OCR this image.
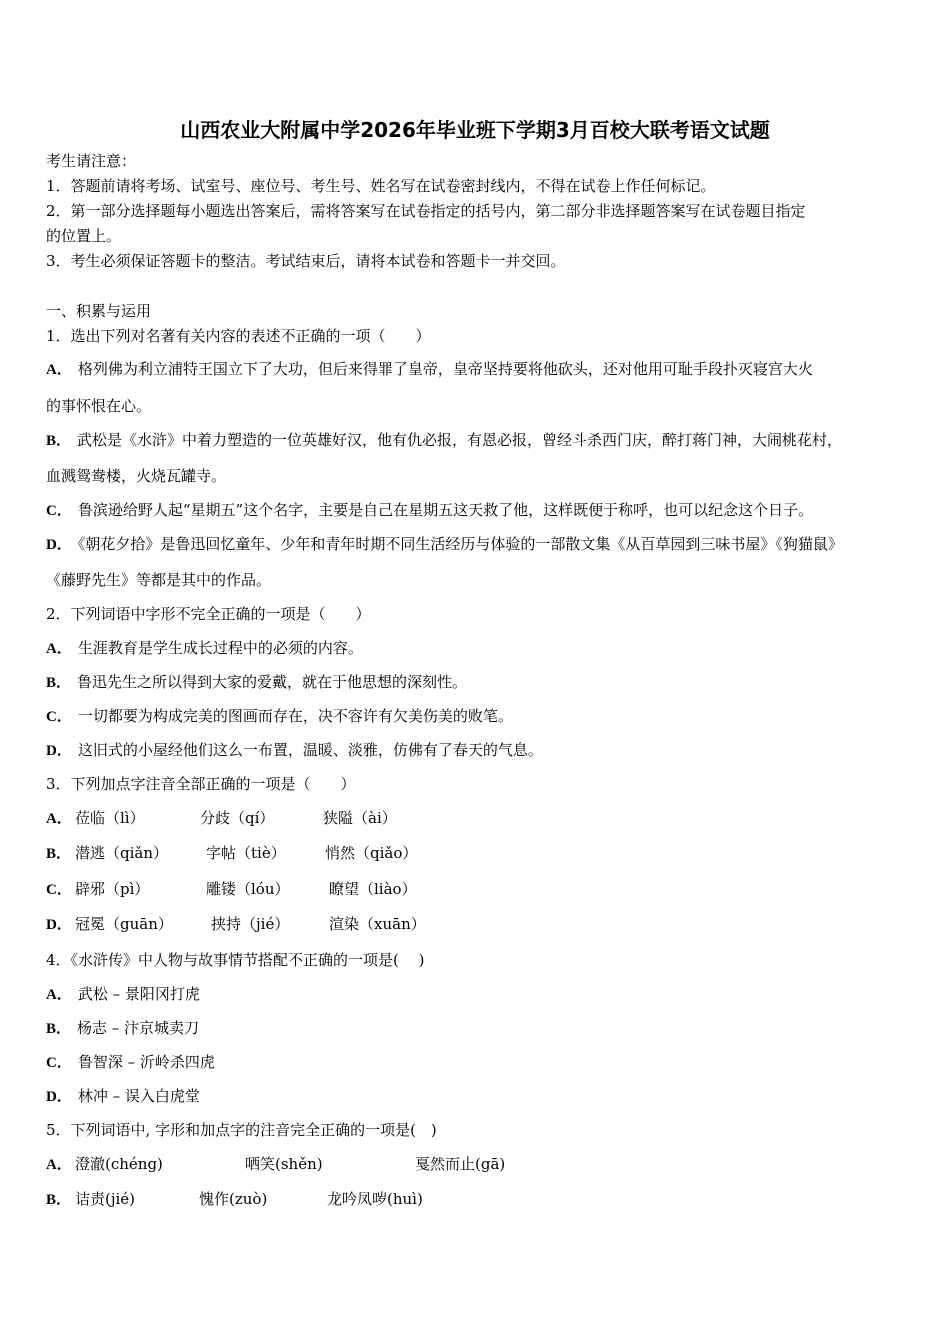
山西农业大附属中学2026年毕业班下学期3月百校大联考语文试题
考生请注意：
1．答题前请将考场、试室号、座位号、考生号、姓名写在试卷密封线内，不得在试卷上作任何标记。
2．第一部分选择题每小题选出答案后，需将答案写在试卷指定的括号内，第二部分非选择题答案写在试卷题目指定
的位置上。
3．考生必须保证答题卡的整洁。考试结束后，请将本试卷和答题卡一并交回。
一、积累与运用
1．选出下列对名著有关内容的表述不正确的一项（　　）
A． 格列佛为利立浦特王国立下了大功，但后来得罪了皇帝，皇帝坚持要将他砍头，还对他用可耻手段扑灭寝宫大火
的事怀恨在心。
B． 武松是《水浒》中着力塑造的一位英雄好汉，他有仇必报，有恩必报，曾经斗杀西门庆，醉打蒋门神，大闹桃花村，
血溅鸳鸯楼，火烧瓦罐寺。
C． 鲁滨逊给野人起“星期五”这个名字，主要是自己在星期五这天救了他，这样既便于称呼，也可以纪念这个日子。
D． 《朝花夕拾》是鲁迅回忆童年、少年和青年时期不同生活经历与体验的一部散文集《从百草园到三味书屋》《狗猫鼠》
《藤野先生》等都是其中的作品。
2．下列词语中字形不完全正确的一项是（　　）
A． 生涯教育是学生成长过程中的必须的内容。
B． 鲁迅先生之所以得到大家的爱戴，就在于他思想的深刻性。
C． 一切都要为构成完美的图画而存在，决不容许有欠美伤美的败笔。
D． 这旧式的小屋经他们这么一布置，温暖、淡雅，仿佛有了春天的气息。
3．下列加点字注音全部正确的一项是（　　）
A． 莅临（lì）	分歧（qí）	狭隘（ài）
B． 潜逃（qiǎn）	字帖（tiè）	悄然（qiǎo）
C． 辟邪（pì）	雕镂（lóu）	瞭望（liào）
D． 冠冕（guān）	挟持（jié）	渲染（xuān）
4．《水浒传》中人物与故事情节搭配不正确的一项是(　 )
A． 武松 – 景阳冈打虎
B． 杨志 – 汴京城卖刀
C． 鲁智深 – 沂岭杀四虎
D． 林冲 – 误入白虎堂
5．下列词语中, 字形和加点字的注音完全正确的一项是(　)
A． 澄澈(chéng)	哂笑(shěn)	戛然而止(gā)
B． 诘责(jié)	愧作(zuò)	龙吟凤哕(huì)
